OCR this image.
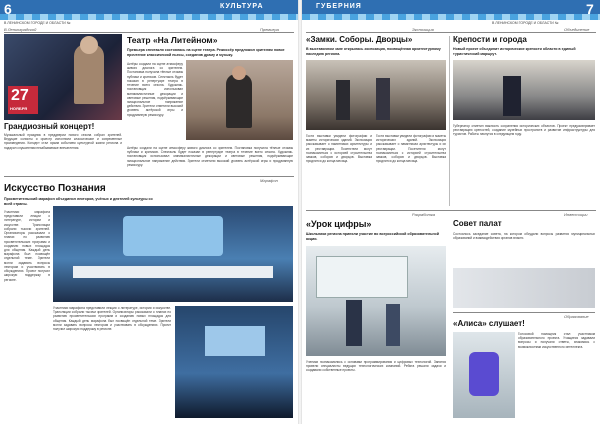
6	КУЛЬТУРА
В ЛЕНИНСКОМ ГОРОДЕ И ОБЛАСТИ №
В Ленинградской	Премьера
27
НОЯБРЯ
Грандиозный концерт!
Музыкальный праздник в преддверии нового сезона собрал зрителей. Ведущие солисты и оркестр исполнили классические и современные произведения. Концерт стал ярким событием культурной жизни региона и подарил слушателям незабываемые впечатления.
Театр «На Литейном»
Премьера спектакля состоялась на сцене театра. Режиссёр предложил зрителям новое прочтение классической пьесы, соединив драму и музыку.
Актёры создали на сцене атмосферу живого диалога со зрителем. Постановка получила тёплые отзывы публики и критиков. Спектакль будет показан в репертуаре театра в течение всего сезона. Художник-постановщик использовал минималистичные декорации и световые решения, подчёркивающие эмоциональное напряжение действия. Зрители отметили высокий уровень актёрской игры и продуманную режиссуру.
Актёры создали на сцене атмосферу живого диалога со зрителем. Постановка получила тёплые отзывы публики и критиков. Спектакль будет показан в репертуаре театра в течение всего сезона. Художник-постановщик использовал минималистичные декорации и световые решения, подчёркивающие эмоциональное напряжение действия. Зрители отметили высокий уровень актёрской игры и продуманную режиссуру.
Марафон
Искусство Познания
Просветительский марафон объединил лекторов, учёных и деятелей культуры со всей страны.
Участники марафона представили лекции о литературе, истории и искусстве. Трансляции собрали тысячи зрителей. Организаторы рассказали о планах по развитию просветительских программ и созданию новых площадок для общения. Каждый день марафона был посвящён отдельной теме. Зрители могли задавать вопросы лекторам и участвовать в обсуждениях. Проект получил широкую поддержку в регионе.
Участники марафона представили лекции о литературе, истории и искусстве. Трансляции собрали тысячи зрителей. Организаторы рассказали о планах по развитию просветительских программ и созданию новых площадок для общения. Каждый день марафона был посвящён отдельной теме. Зрители могли задавать вопросы лекторам и участвовать в обсуждениях. Проект получил широкую поддержку в регионе.
ГУБЕРНИЯ	7
В ЛЕНИНСКОМ ГОРОДЕ И ОБЛАСТИ №
Экспозиция	Объединение
«Замки. Соборы. Дворцы»
В выставочном зале открылась экспозиция, посвящённая архитектурному наследию региона.
Гости выставки увидели фотографии и макеты исторических зданий. Экспозиция рассказывает о памятниках архитектуры и их реставрации. Посетители могут познакомиться с историей строительства замков, соборов и дворцов. Выставка продлится до конца месяца.
Гости выставки увидели фотографии и макеты исторических зданий. Экспозиция рассказывает о памятниках архитектуры и их реставрации. Посетители могут познакомиться с историей строительства замков, соборов и дворцов. Выставка продлится до конца месяца.
Крепости и города
Новый проект объединит исторические крепости области в единый туристический маршрут.
Губернатор отметил важность сохранения исторических объектов. Проект предусматривает реставрацию крепостей, создание музейных пространств и развитие инфраструктуры для туристов. Работы начнутся в следующем году.
Разработка	Инвестиции
«Урок цифры»
Школьники региона приняли участие во всероссийской образовательной акции.
Ученики познакомились с основами программирования и цифровых технологий. Занятия провели специалисты ведущих технологических компаний. Ребята решали задачи и создавали собственные проекты.
Совет палат
Состоялось заседание совета, на котором обсудили вопросы развития муниципальных образований и взаимодействия органов власти.
Образование
«Алиса» слушает!
Голосовой помощник стал участником образовательного проекта. Учащиеся задавали вопросы и получали ответы, знакомясь с возможностями искусственного интеллекта.
